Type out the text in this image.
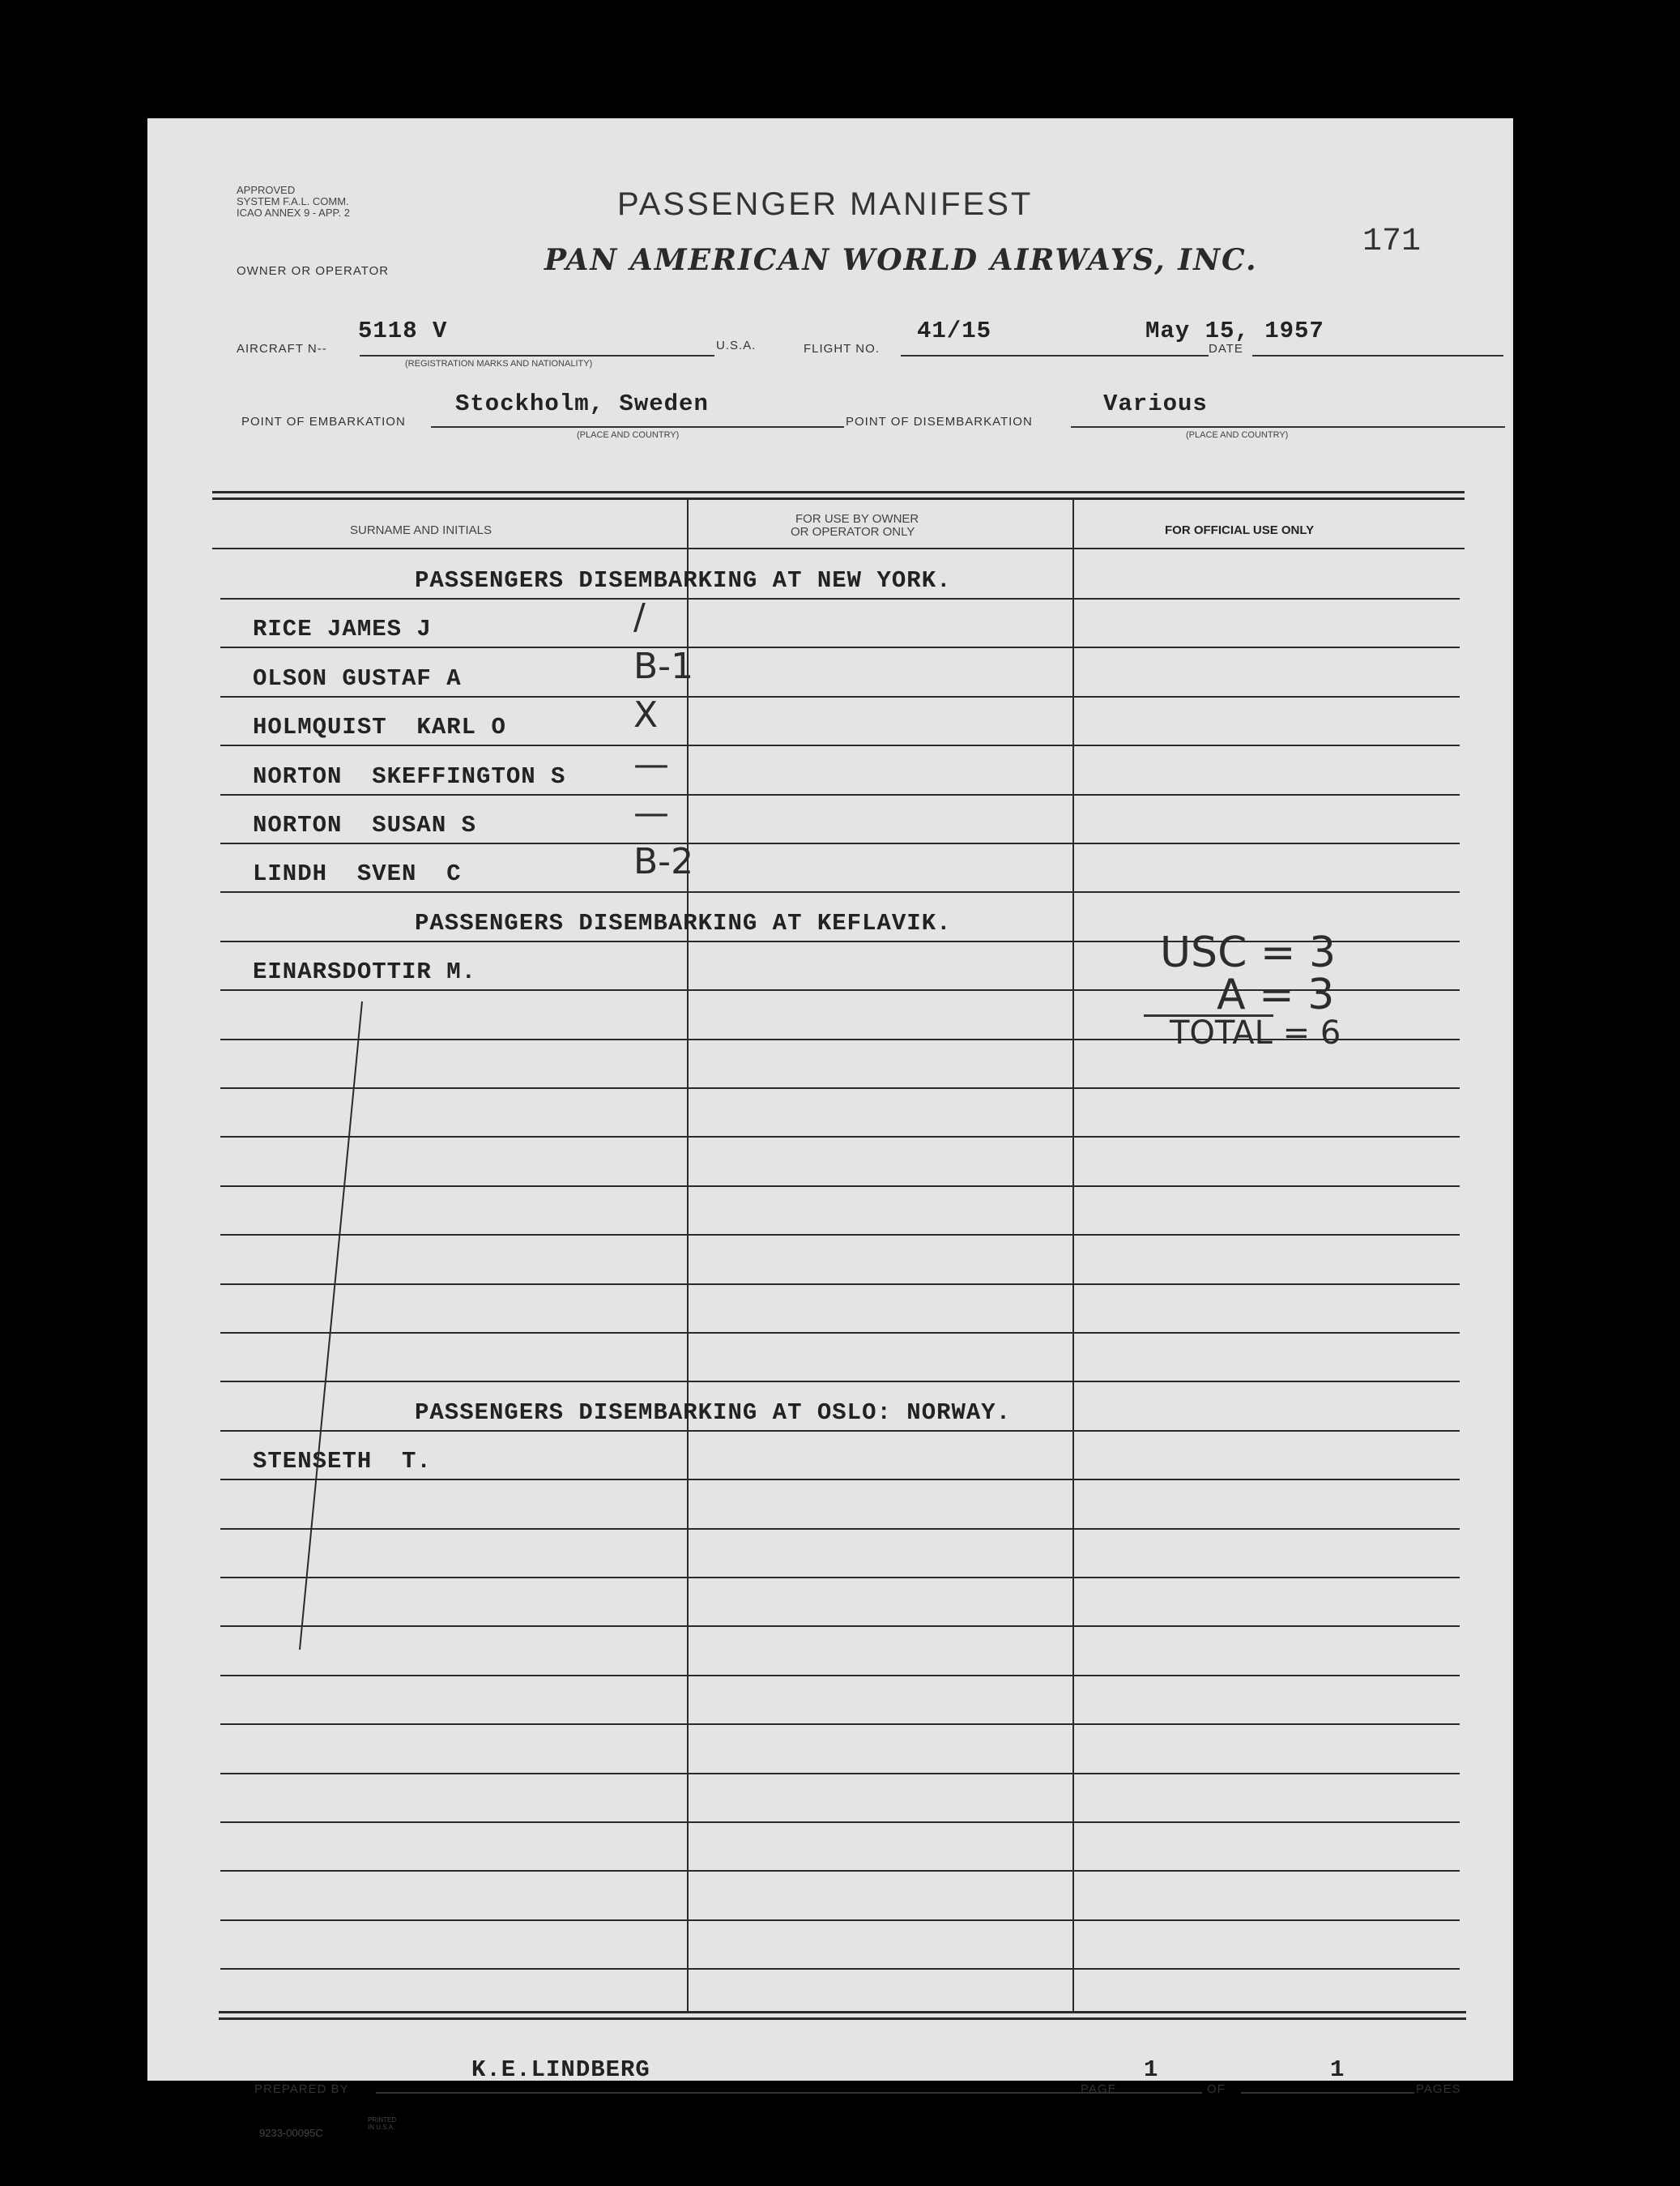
APPROVED
SYSTEM F.A.L. COMM.
ICAO ANNEX 9 - APP. 2	PASSENGER MANIFEST
171
OWNER OR OPERATOR	PAN AMERICAN WORLD AIRWAYS, INC.
AIRCRAFT N--
5118 V
(REGISTRATION MARKS AND NATIONALITY)
U.S.A.	FLIGHT NO.
41/15
DATE
May 15, 1957
POINT OF EMBARKATION
Stockholm, Sweden
(PLACE AND COUNTRY)
POINT OF DISEMBARKATION
Various
(PLACE AND COUNTRY)
SURNAME AND INITIALS
FOR USE BY OWNER
OR OPERATOR ONLY	FOR OFFICIAL USE ONLY
PASSENGERS DISEMBARKING AT NEW YORK.
RICE JAMES J	/
OLSON GUSTAF A	B-1
HOLMQUIST  KARL O	X
NORTON  SKEFFINGTON S —
NORTON  SUSAN S	—
LINDH  SVEN  C	B-2
PASSENGERS DISEMBARKING AT KEFLAVIK.
EINARSDOTTIR M.
PASSENGERS DISEMBARKING AT OSLO: NORWAY.
STENSETH  T.
USC = 3
A = 3
TOTAL = 6
PREPARED BY
K.E.LINDBERG
PAGE
1
OF
1
PAGES
9233-00095C
PRINTED IN U.S.A.
